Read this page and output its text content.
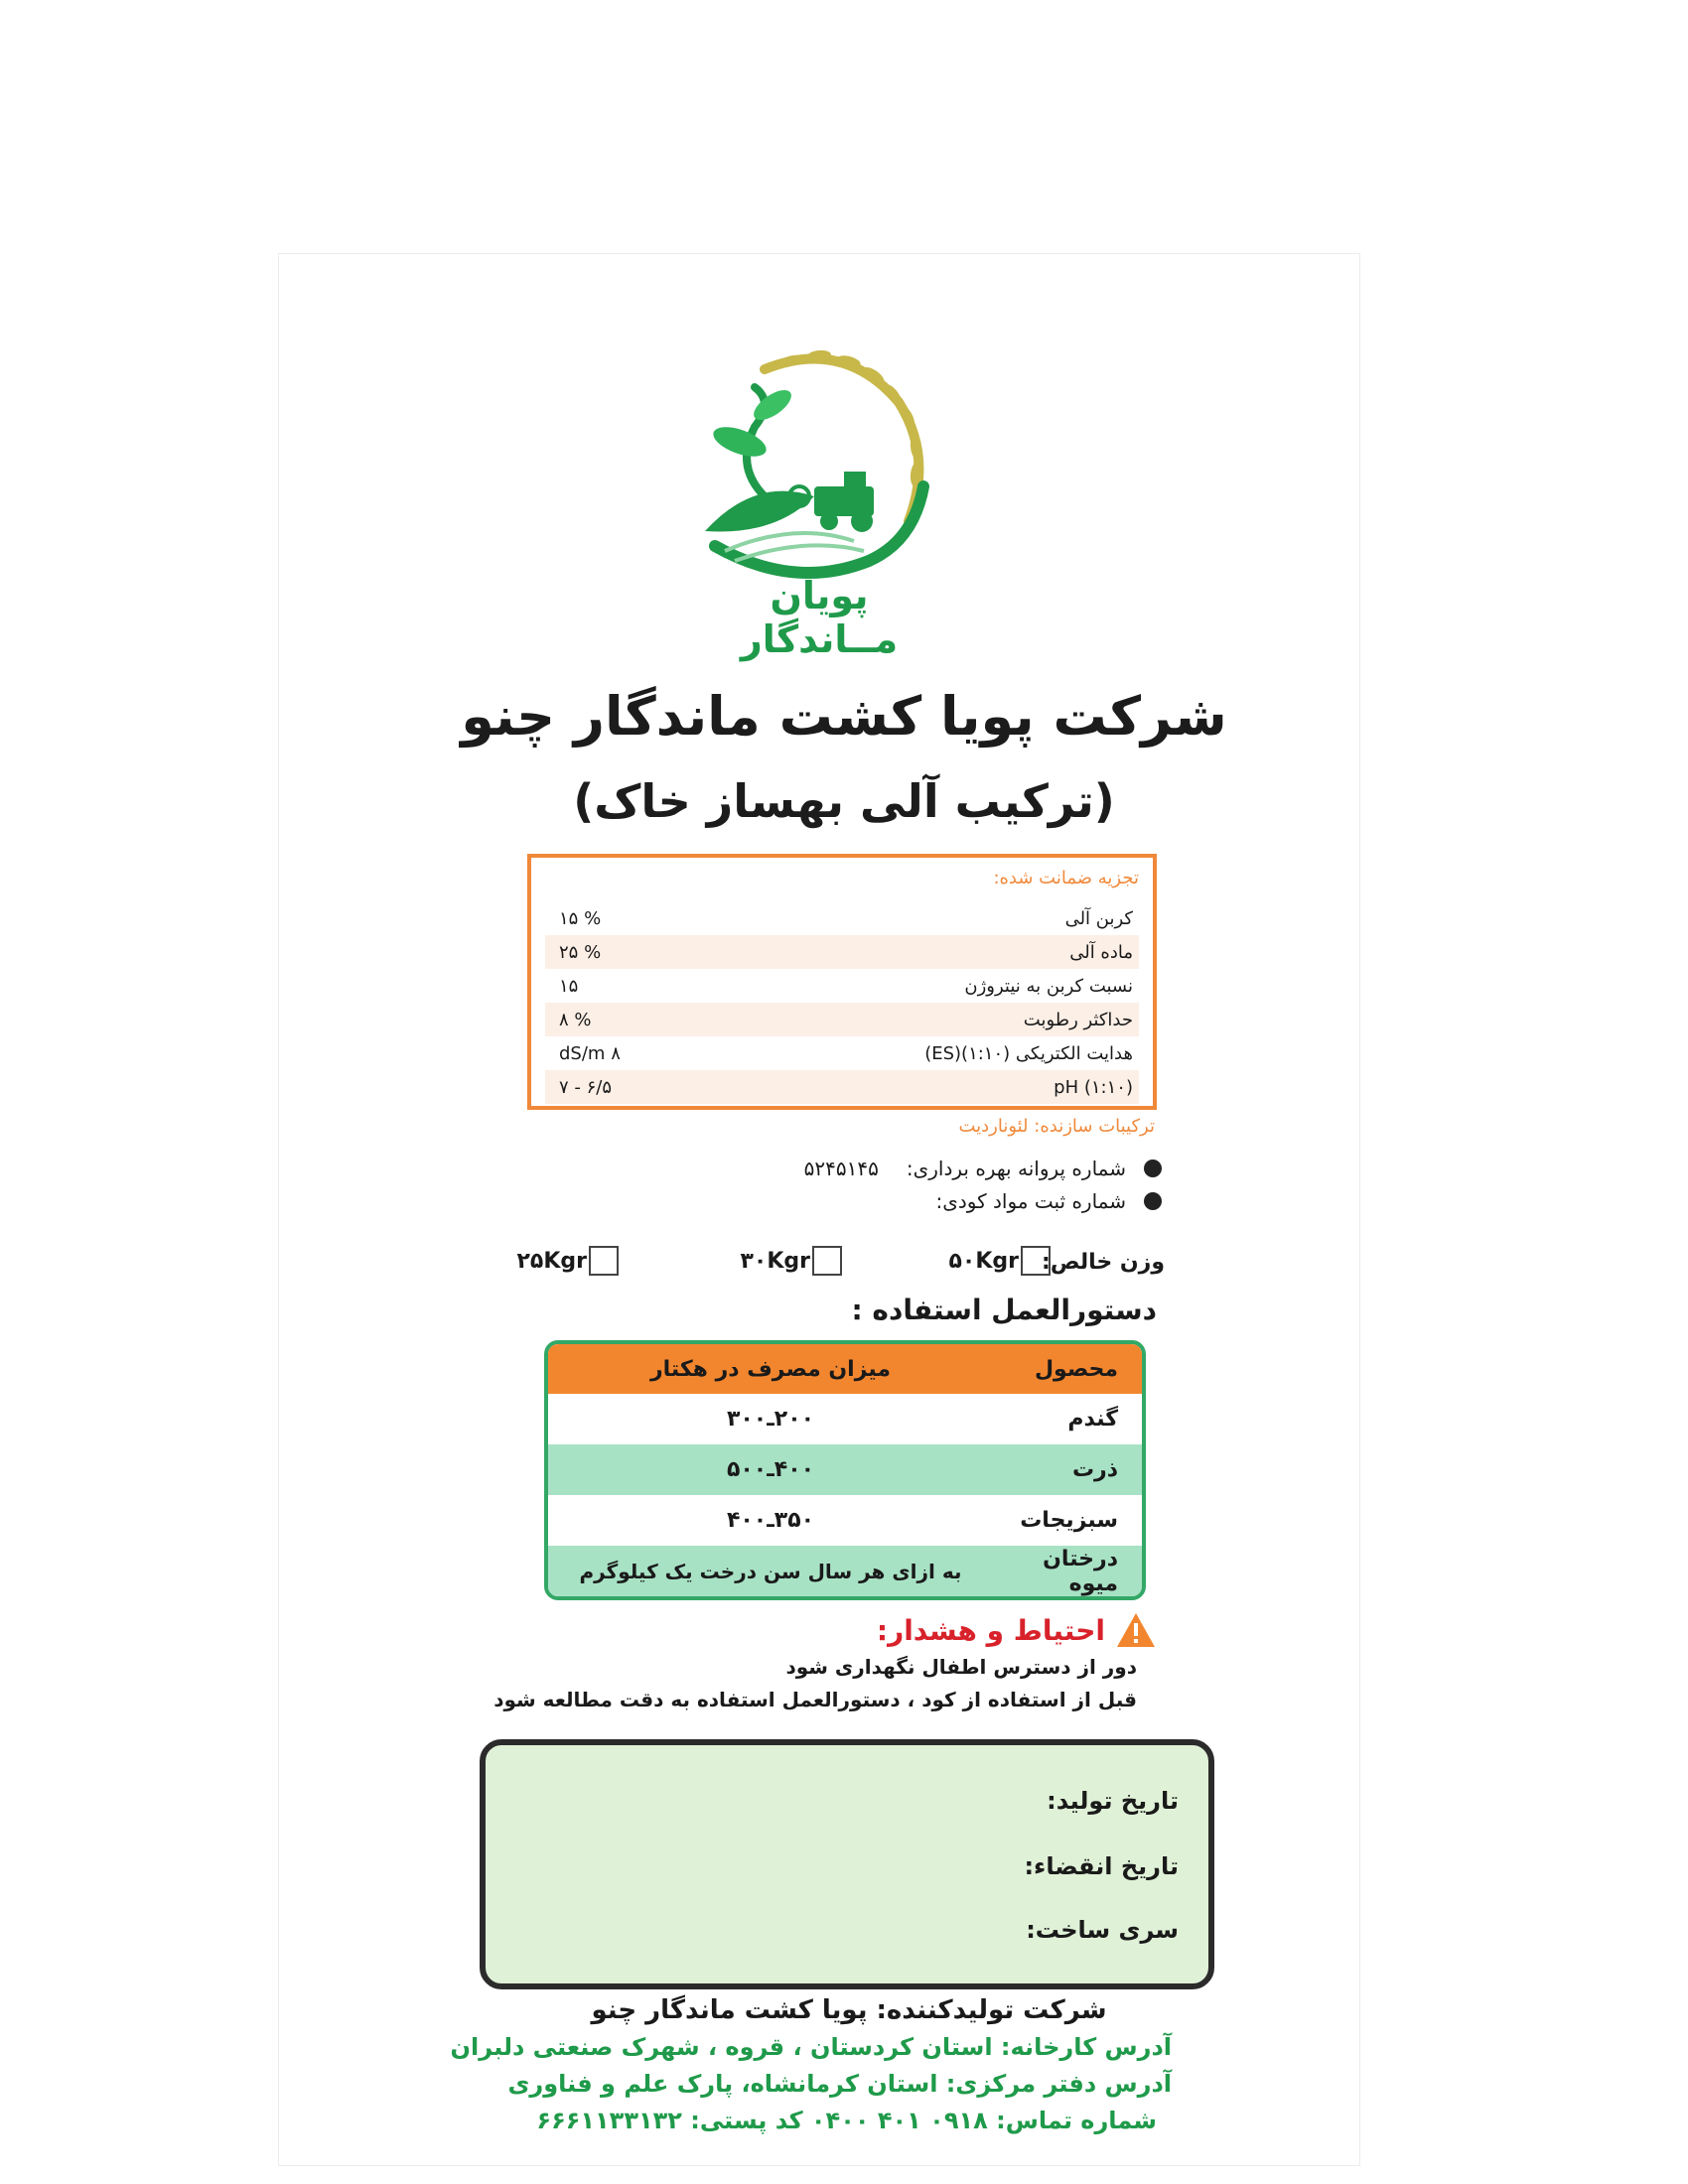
پویان مــاندگار
شرکت پویا کشت ماندگار چنو
(ترکیب آلی بهساز خاک)
تجزیه ضمانت شده:
کربن آلی
% ۱۵
ماده آلی
% ۲۵
نسبت کربن به نیتروژن
۱۵
حداکثر رطوبت
% ۸
هدایت الکتریکی (۱:۱۰)(ES)
۸ dS/m
(۱:۱۰) pH
۶/۵ - ۷
ترکیبات سازنده: لئوناردیت
شماره پروانه بهره برداری:
۵۲۴۵۱۴۵
شماره ثبت مواد کودی:
وزن خالص:
۵۰Kgr
۳۰Kgr
۲۵Kgr
دستورالعمل استفاده :
محصول
میزان مصرف در هکتار
گندم
۲۰۰ـ۳۰۰
ذرت
۴۰۰ـ۵۰۰
سبزیجات
۳۵۰ـ۴۰۰
درختان میوه
به ازای هر سال سن درخت یک کیلوگرم
احتیاط و هشدار:
دور از دسترس اطفال نگهداری شود
قبل از استفاده از کود ، دستورالعمل استفاده به دقت مطالعه شود
تاریخ تولید:
تاریخ انقضاء:
سری ساخت:
شرکت تولیدکننده: پویا کشت ماندگار چنو
آدرس کارخانه: استان کردستان ، قروه ، شهرک صنعتی دلبران
آدرس دفتر مرکزی: استان کرمانشاه، پارک علم و فناوری
شماره تماس: ۰۹۱۸ ۴۰۱ ۰۴۰۰ کد پستی: ۶۶۶۱۱۳۳۱۳۲
